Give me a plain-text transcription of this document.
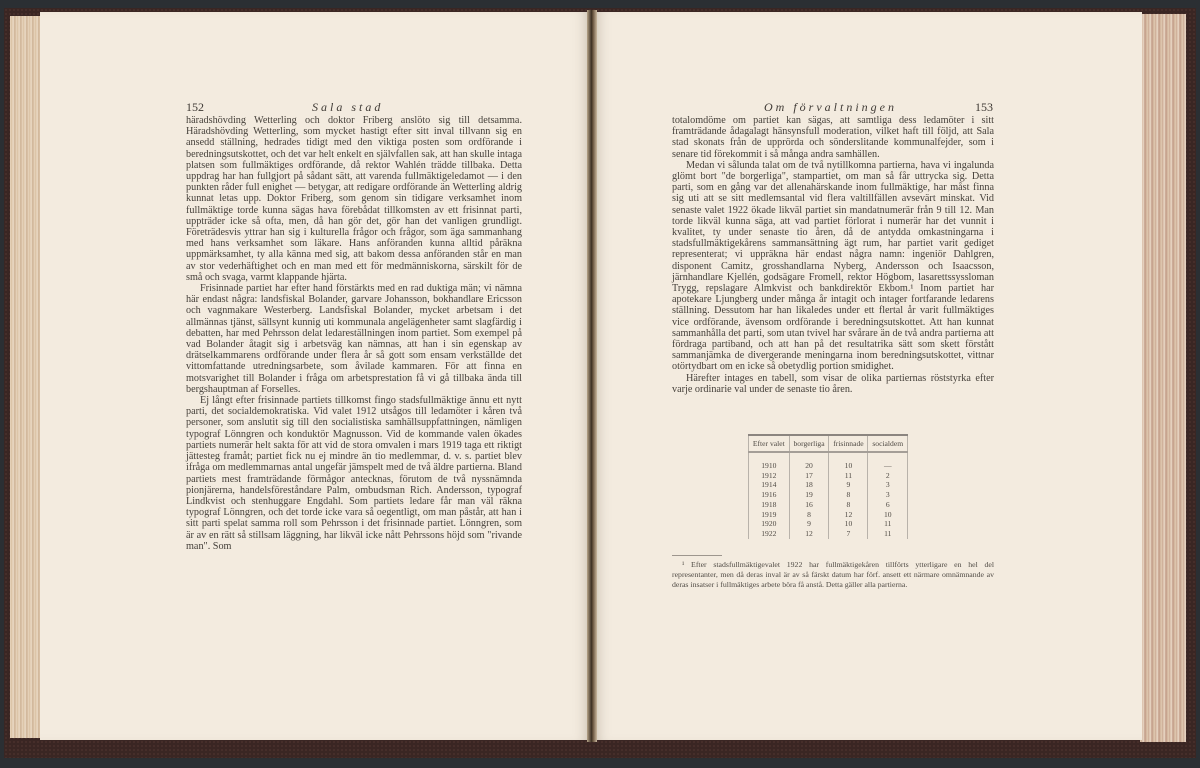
152	Sala stad

häradshövding Wetterling och doktor Friberg anslöto sig till detsamma. Häradshövding Wetterling, som mycket hastigt efter sitt inval tillvann sig en ansedd ställning, hedrades tidigt med den viktiga posten som ordförande i beredningsutskottet, och det var helt enkelt en självfallen sak, att han skulle intaga platsen som fullmäktiges ordförande, då rektor Wahlén trädde tillbaka. Detta uppdrag har han fullgjort på sådant sätt, att varenda fullmäktigeledamot — i den punkten råder full enighet — betygar, att redigare ordförande än Wetterling aldrig kunnat letas upp. Doktor Friberg, som genom sin tidigare verksamhet inom fullmäktige torde kunna sägas hava förebådat tillkomsten av ett frisinnat parti, uppträder icke så ofta, men, då han gör det, gör han det vanligen grundligt. Företrädesvis yttrar han sig i kulturella frågor och frågor, som äga sammanhang med hans verksamhet som läkare. Hans anföranden kunna alltid påräkna uppmärksamhet, ty alla känna med sig, att bakom dessa anföranden står en man av stor vederhäftighet och en man med ett för medmänniskorna, särskilt för de små och svaga, varmt klappande hjärta.

Frisinnade partiet har efter hand förstärkts med en rad duktiga män; vi nämna här endast några: landsfiskal Bolander, garvare Johansson, bokhandlare Ericsson och vagnmakare Westerberg. Landsfiskal Bolander, mycket arbetsam i det allmännas tjänst, sällsynt kunnig uti kommunala angelägenheter samt slagfärdig i debatten, har med Pehrsson delat ledareställningen inom partiet. Som exempel på vad Bolander åtagit sig i arbetsväg kan nämnas, att han i sin egenskap av drätselkammarens ordförande under flera år så gott som ensam verkställde det vittomfattande utredningsarbete, som åvilade kammaren. För att finna en motsvarighet till Bolander i fråga om arbetsprestation få vi gå tillbaka ända till bergshauptman af Forselles.

Ej långt efter frisinnade partiets tillkomst fingo stadsfullmäktige ännu ett nytt parti, det socialdemokratiska. Vid valet 1912 utsågos till ledamöter i kåren två personer, som anslutit sig till den socialistiska samhällsuppfattningen, nämligen typograf Lönngren och konduktör Magnusson. Vid de kommande valen ökades partiets numerär helt sakta för att vid de stora omvalen i mars 1919 taga ett riktigt jättesteg framåt; partiet fick nu ej mindre än tio medlemmar, d. v. s. partiet blev ifråga om medlemmarnas antal ungefär jämspelt med de två äldre partierna. Bland partiets mest framträdande förmågor antecknas, förutom de två nyssnämnda pionjärerna, handelsföreståndare Palm, ombudsman Rich. Andersson, typograf Lindkvist och stenhuggare Engdahl. Som partiets ledare får man väl räkna typograf Lönngren, och det torde icke vara så oegentligt, om man påstår, att han i sitt parti spelat samma roll som Pehrsson i det frisinnade partiet. Lönngren, som är av en rätt så stillsam läggning, har likväl icke nått Pehrssons höjd som "rivande man". Som

Om förvaltningen	153

totalomdöme om partiet kan sägas, att samtliga dess ledamöter i sitt framträdande ådagalagt hänsynsfull moderation, vilket haft till följd, att Sala stad skonats från de upprörda och sönderslitande kommunalfejder, som i senare tid förekommit i så många andra samhällen.

Medan vi sålunda talat om de två nytillkomna partierna, hava vi ingalunda glömt bort "de borgerliga", stampartiet, om man så får uttrycka sig. Detta parti, som en gång var det allenahärskande inom fullmäktige, har måst finna sig uti att se sitt medlemsantal vid flera valtillfällen avsevärt minskat. Vid senaste valet 1922 ökade likväl partiet sin mandatnumerär från 9 till 12. Man torde likväl kunna säga, att vad partiet förlorat i numerär har det vunnit i kvalitet, ty under senaste tio åren, då de antydda omkastningarna i stadsfullmäktigekårens sammansättning ägt rum, har partiet varit gediget representerat; vi uppräkna här endast några namn: ingeniör Dahlgren, disponent Camitz, grosshandlarna Nyberg, Andersson och Isaacsson, järnhandlare Kjellén, godsägare Fromell, rektor Högbom, lasarettssyssloman Trygg, repslagare Almkvist och bankdirektör Ekbom.¹ Inom partiet har apotekare Ljungberg under många år intagit och intager fortfarande ledarens ställning. Dessutom har han likaledes under ett flertal år varit fullmäktiges vice ordförande, ävensom ordförande i beredningsutskottet. Att han kunnat sammanhålla det parti, som utan tvivel har svårare än de två andra partierna att fördraga partiband, och att han på det resultatrika sätt som skett förstått sammanjämka de divergerande meningarna inom beredningsutskottet, vittnar otörtydbart om en icke så obetydlig portion smidighet.

Härefter intages en tabell, som visar de olika partiernas röststyrka efter varje ordinarie val under de senaste tio åren.

Efter valet	borgerliga	frisinnade	socialdem

1910	20	10	—
1912	17	11	2
1914	18	9	3
1916	19	8	3
1918	16	8	6
1919	8	12	10
1920	9	10	11
1922	12	7	11

¹ Efter stadsfullmäktigevalet 1922 har fullmäktigekåren tillförts ytterligare en hel del representanter, men då deras inval är av så färskt datum har förf. ansett ett närmare omnämnande av deras insatser i fullmäktiges arbete böra få anstå. Detta gäller alla partierna.
